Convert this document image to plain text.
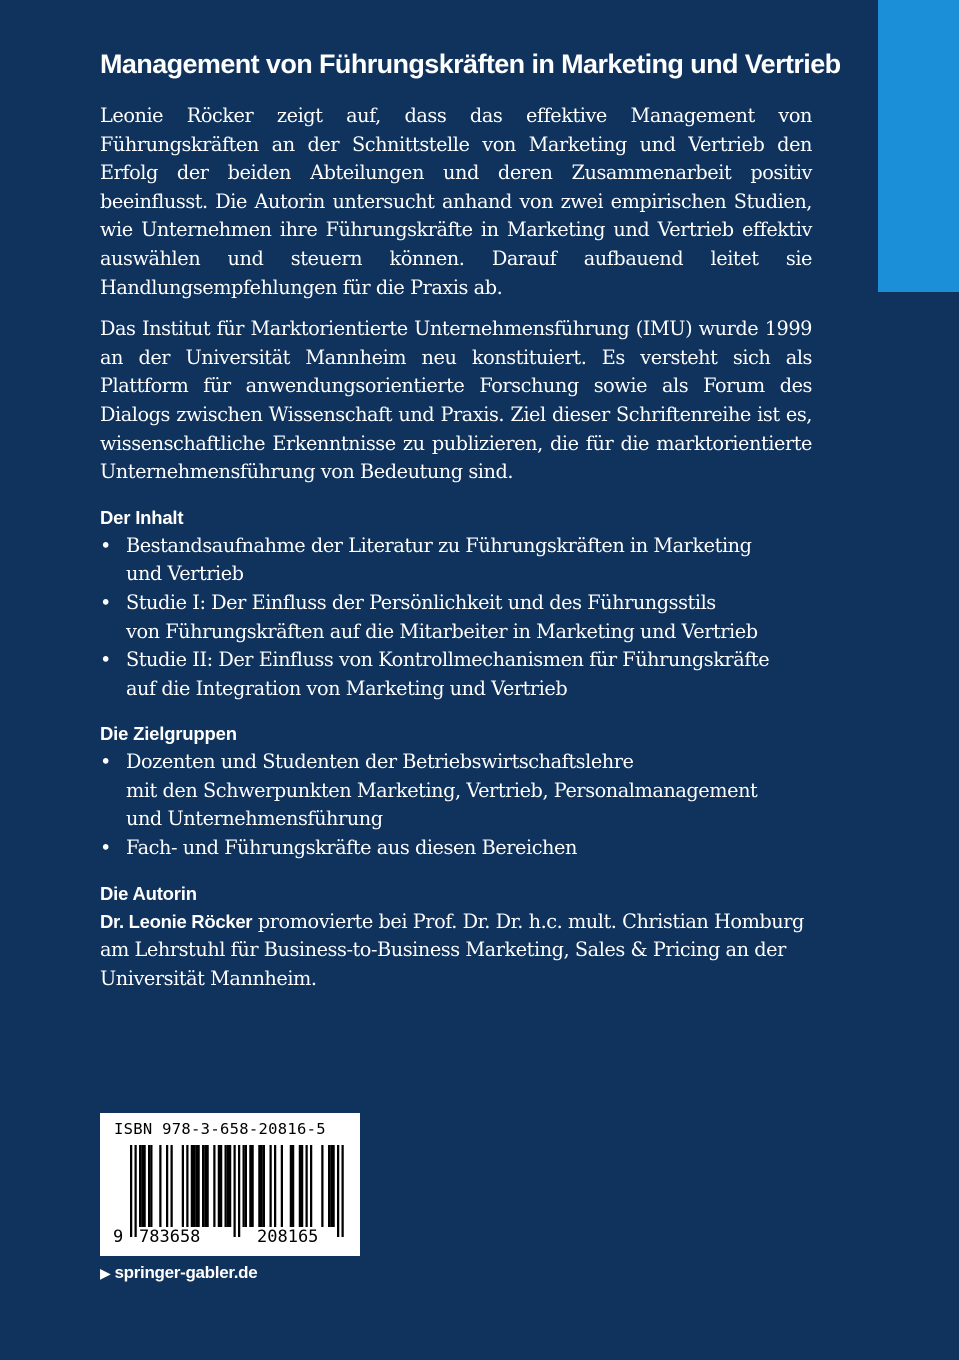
Management von Führungskräften in Marketing und Vertrieb

Leonie Röcker zeigt auf, dass das effektive Management von Führungskräften an der Schnittstelle von Marketing und Vertrieb den Erfolg der beiden Abteilungen und deren Zusammenarbeit positiv beeinflusst. Die Autorin untersucht anhand von zwei empirischen Studien, wie Unternehmen ihre Führungskräfte in Marketing und Vertrieb effektiv auswählen und steuern können. Darauf aufbauend leitet sie Handlungsempfehlungen für die Praxis ab.

Das Institut für Marktorientierte Unternehmensführung (IMU) wurde 1999 an der Universität Mannheim neu konstituiert. Es versteht sich als Plattform für anwendungsorientierte Forschung sowie als Forum des Dialogs zwischen Wissenschaft und Praxis. Ziel dieser Schriftenreihe ist es, wissenschaftliche Erkenntnisse zu publizieren, die für die marktorientierte Unternehmensführung von Bedeutung sind.

Der Inhalt
• Bestandsaufnahme der Literatur zu Führungskräften in Marketing
und Vertrieb
• Studie I: Der Einfluss der Persönlichkeit und des Führungsstils
von Führungskräften auf die Mitarbeiter in Marketing und Vertrieb
• Studie II: Der Einfluss von Kontrollmechanismen für Führungskräfte
auf die Integration von Marketing und Vertrieb
Die Zielgruppen
• Dozenten und Studenten der Betriebswirtschaftslehre
mit den Schwerpunkten Marketing, Vertrieb, Personalmanagement
und Unternehmensführung
• Fach- und Führungskräfte aus diesen Bereichen
Die Autorin

Dr. Leonie Röcker promovierte bei Prof. Dr. Dr. h.c. mult. Christian Homburg am Lehrstuhl für Business-to-Business Marketing, Sales & Pricing an der Universität Mannheim.

ISBN 978-3-658-20816-5
9 783658	208165
▶ springer-gabler.de
